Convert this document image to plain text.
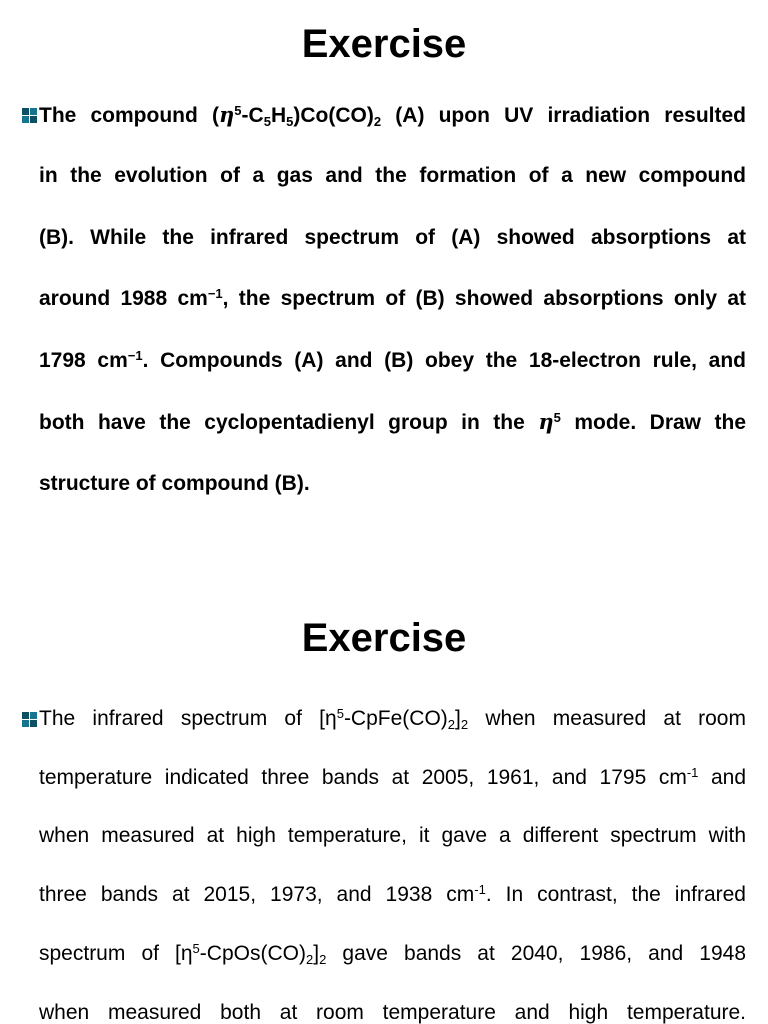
Exercise
The compound $(\eta^5-C_5H_5)Co(CO)_2$ (A) upon UV irradiation resulted
in the evolution of a gas and the formation of a new compound
(B). While the infrared spectrum of (A) showed absorptions at
around 1988 $cm^{-1}$, the spectrum of (B) showed absorptions only at
1798 $cm^{-1}$. Compounds (A) and (B) obey the 18-electron rule, and
both have the cyclopentadienyl group in the $\eta^5$ mode. Draw the
structure of compound (B).
Exercise
The infrared spectrum of $[\eta^5-CpFe(CO)_2]_2$ when measured at room
temperature indicated three bands at 2005, 1961, and 1795 $cm^{-1}$ and
when measured at high temperature, it gave a different spectrum with
three bands at 2015, 1973, and 1938 $cm^{-1}$. In contrast, the infrared
spectrum of $[\eta^5-CpOs(CO)_2]_2$ gave bands at 2040, 1986, and 1948
when measured both at room temperature and high temperature.
